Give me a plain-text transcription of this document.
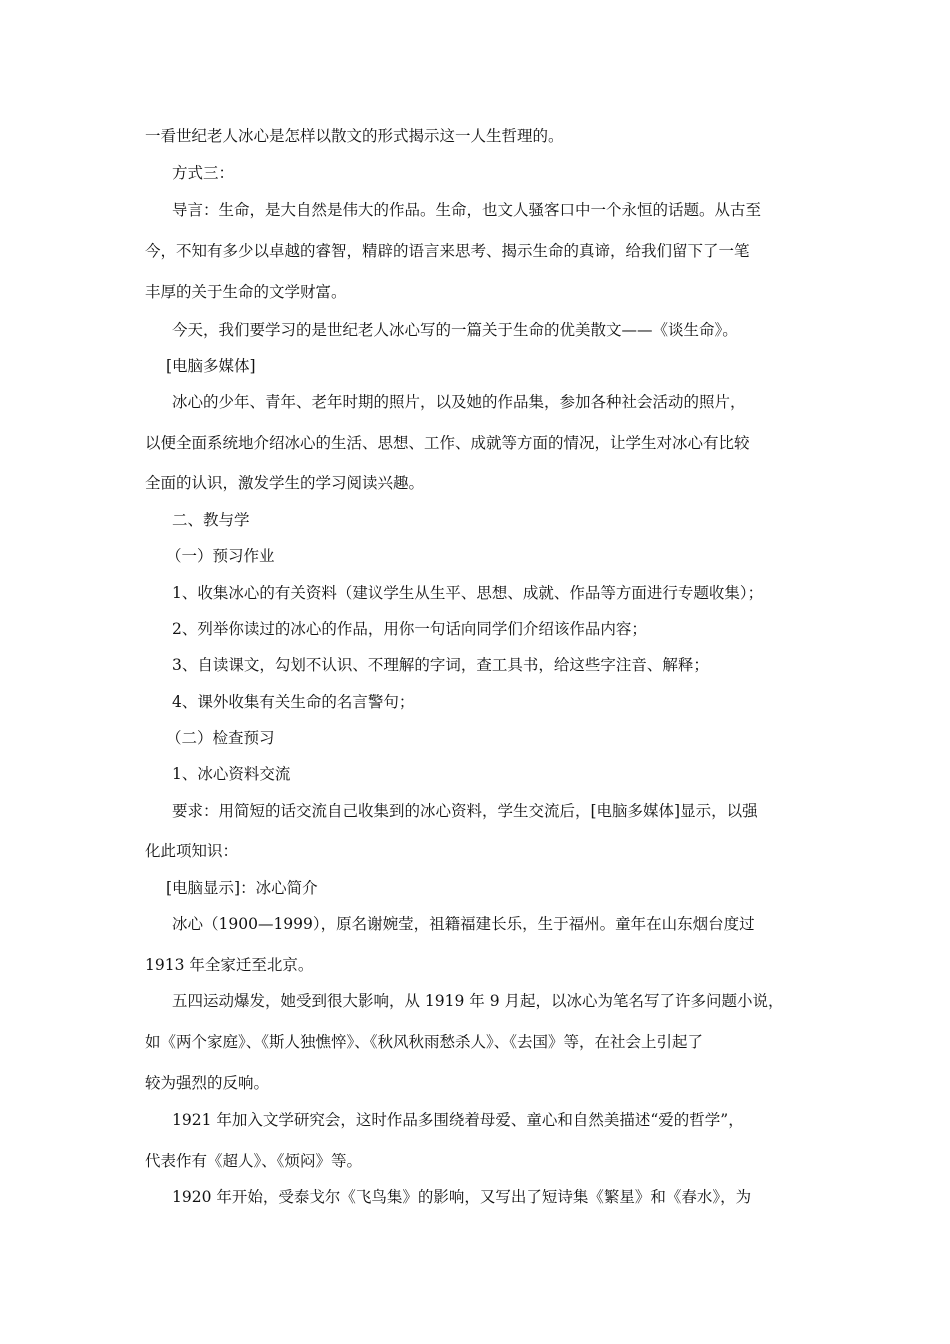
一看世纪老人冰心是怎样以散文的形式揭示这一人生哲理的。
方式三：
导言：生命，是大自然是伟大的作品。生命，也文人骚客口中一个永恒的话题。从古至
今，不知有多少以卓越的睿智，精辟的语言来思考、揭示生命的真谛，给我们留下了一笔
丰厚的关于生命的文学财富。
今天，我们要学习的是世纪老人冰心写的一篇关于生命的优美散文——《谈生命》。
[电脑多媒体]
冰心的少年、青年、老年时期的照片，以及她的作品集，参加各种社会活动的照片，
以便全面系统地介绍冰心的生活、思想、工作、成就等方面的情况，让学生对冰心有比较
全面的认识，激发学生的学习阅读兴趣。
二、教与学
（一）预习作业
1、收集冰心的有关资料（建议学生从生平、思想、成就、作品等方面进行专题收集）；
2、列举你读过的冰心的作品，用你一句话向同学们介绍该作品内容；
3、自读课文，勾划不认识、不理解的字词，查工具书，给这些字注音、解释；
4、课外收集有关生命的名言警句；
（二）检查预习
1、冰心资料交流
要求：用简短的话交流自己收集到的冰心资料，学生交流后，[电脑多媒体]显示，以强
化此项知识：
[电脑显示]：冰心简介
冰心（1900—1999），原名谢婉莹，祖籍福建长乐，生于福州。童年在山东烟台度过
1913 年全家迁至北京。
五四运动爆发，她受到很大影响，从 1919 年 9 月起，以冰心为笔名写了许多问题小说，
如《两个家庭》、《斯人独憔悴》、《秋风秋雨愁杀人》、《去国》等，在社会上引起了
较为强烈的反响。
1921 年加入文学研究会，这时作品多围绕着母爱、童心和自然美描述“爱的哲学”，
代表作有《超人》、《烦闷》等。
1920 年开始，受泰戈尔《飞鸟集》的影响，又写出了短诗集《繁星》和《春水》，为
